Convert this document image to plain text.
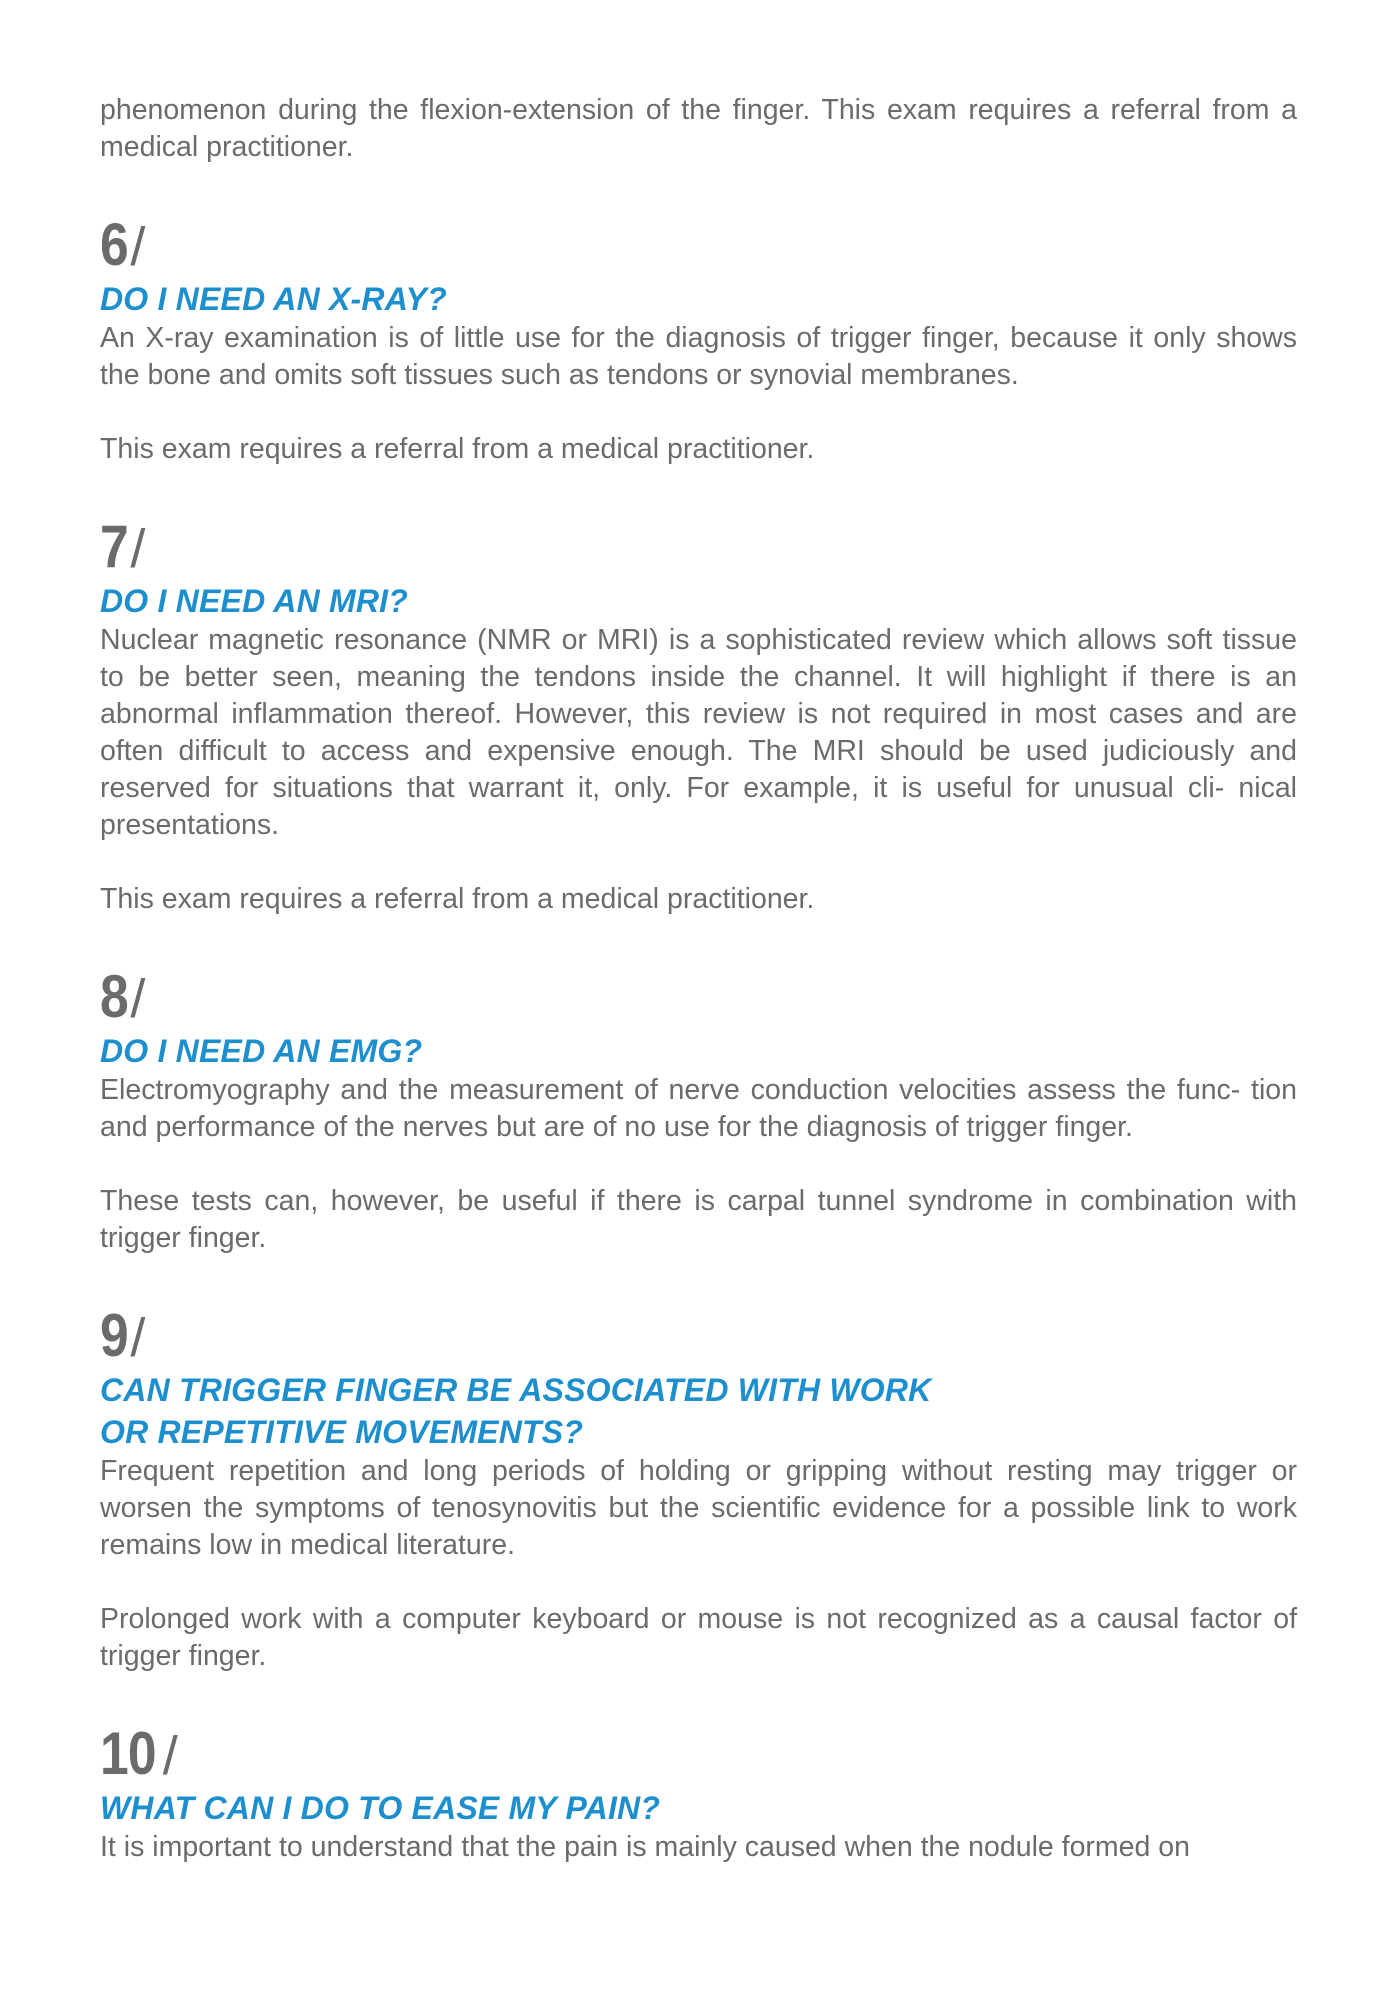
phenomenon during the flexion-extension of the finger. This exam requires a referral from a medical practitioner.

6 /
DO I NEED AN X-RAY?

An X-ray examination is of little use for the diagnosis of trigger finger, because it only shows the bone and omits soft tissues such as tendons or synovial membranes.

This exam requires a referral from a medical practitioner.

7 /
DO I NEED AN MRI?

Nuclear magnetic resonance (NMR or MRI) is a sophisticated review which allows soft tissue to be better seen, meaning the tendons inside the channel. It will highlight if there is an abnormal inflammation thereof. However, this review is not required in most cases and are often difficult to access and expensive enough. The MRI should be used judiciously and reserved for situations that warrant it, only. For example, it is useful for unusual cli- nical presentations.

This exam requires a referral from a medical practitioner.

8 /
DO I NEED AN EMG?

Electromyography and the measurement of nerve conduction velocities assess the func- tion and performance of the nerves but are of no use for the diagnosis of trigger finger.

These tests can, however, be useful if there is carpal tunnel syndrome in combination with trigger finger.

9 /
CAN TRIGGER FINGER BE ASSOCIATED WITH WORK
OR REPETITIVE MOVEMENTS?

Frequent repetition and long periods of holding or gripping without resting may trigger or worsen the symptoms of tenosynovitis but the scientific evidence for a possible link to work remains low in medical literature.

Prolonged work with a computer keyboard or mouse is not recognized as a causal factor of trigger finger.

10 /
WHAT CAN I DO TO EASE MY PAIN?

It is important to understand that the pain is mainly caused when the nodule formed on
